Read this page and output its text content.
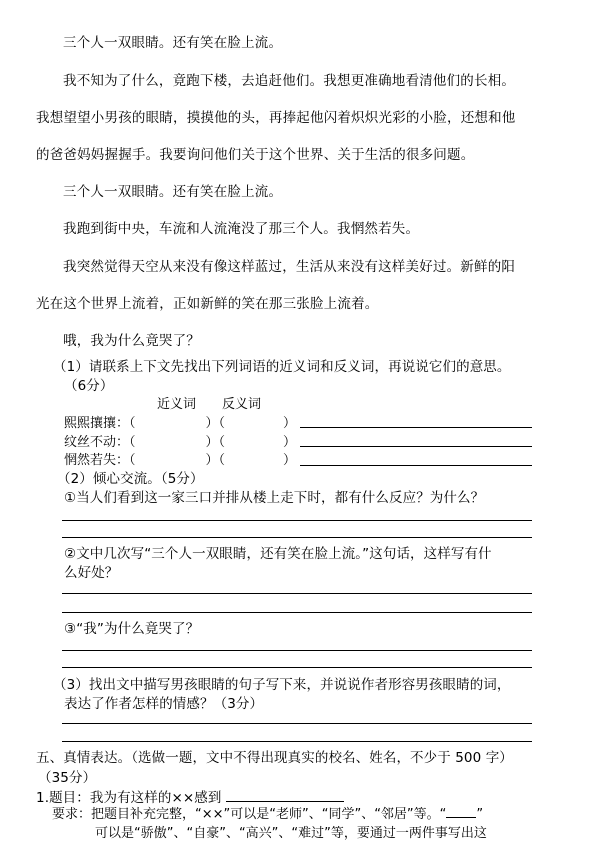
三个人一双眼睛。还有笑在脸上流。
我不知为了什么，竟跑下楼，去追赶他们。我想更准确地看清他们的长相。
我想望望小男孩的眼睛，摸摸他的头，再捧起他闪着炽炽光彩的小脸，还想和他
的爸爸妈妈握握手。我要询问他们关于这个世界、关于生活的很多问题。
三个人一双眼睛。还有笑在脸上流。
我跑到街中央，车流和人流淹没了那三个人。我惘然若失。
我突然觉得天空从来没有像这样蓝过，生活从来没有这样美好过。新鲜的阳
光在这个世界上流着，正如新鲜的笑在那三张脸上流着。
哦，我为什么竟哭了？
（1）请联系上下文先找出下列词语的近义词和反义词，再说说它们的意思。
（6分）
近义词 反义词
熙熙攘攘：（	）（	）
纹丝不动：（	）（	）
惘然若失：（	）（	）
（2）倾心交流。（5分）
①当人们看到这一家三口并排从楼上走下时，都有什么反应？为什么？
②文中几次写“三个人一双眼睛，还有笑在脸上流。”这句话，这样写有什
么好处？
③“我”为什么竟哭了？
（3）找出文中描写男孩眼睛的句子写下来，并说说作者形容男孩眼睛的词，
表达了作者怎样的情感？（3分）
五、真情表达。（选做一题，文中不得出现真实的校名、姓名，不少于 500 字）
（35分）
1.题目：我为有这样的××感到
要求：把题目补充完整，“××”可以是“老师”、“同学”、“邻居”等。“ ”
可以是“骄傲”、“自豪”、“高兴”、“难过”等，要通过一两件事写出这
